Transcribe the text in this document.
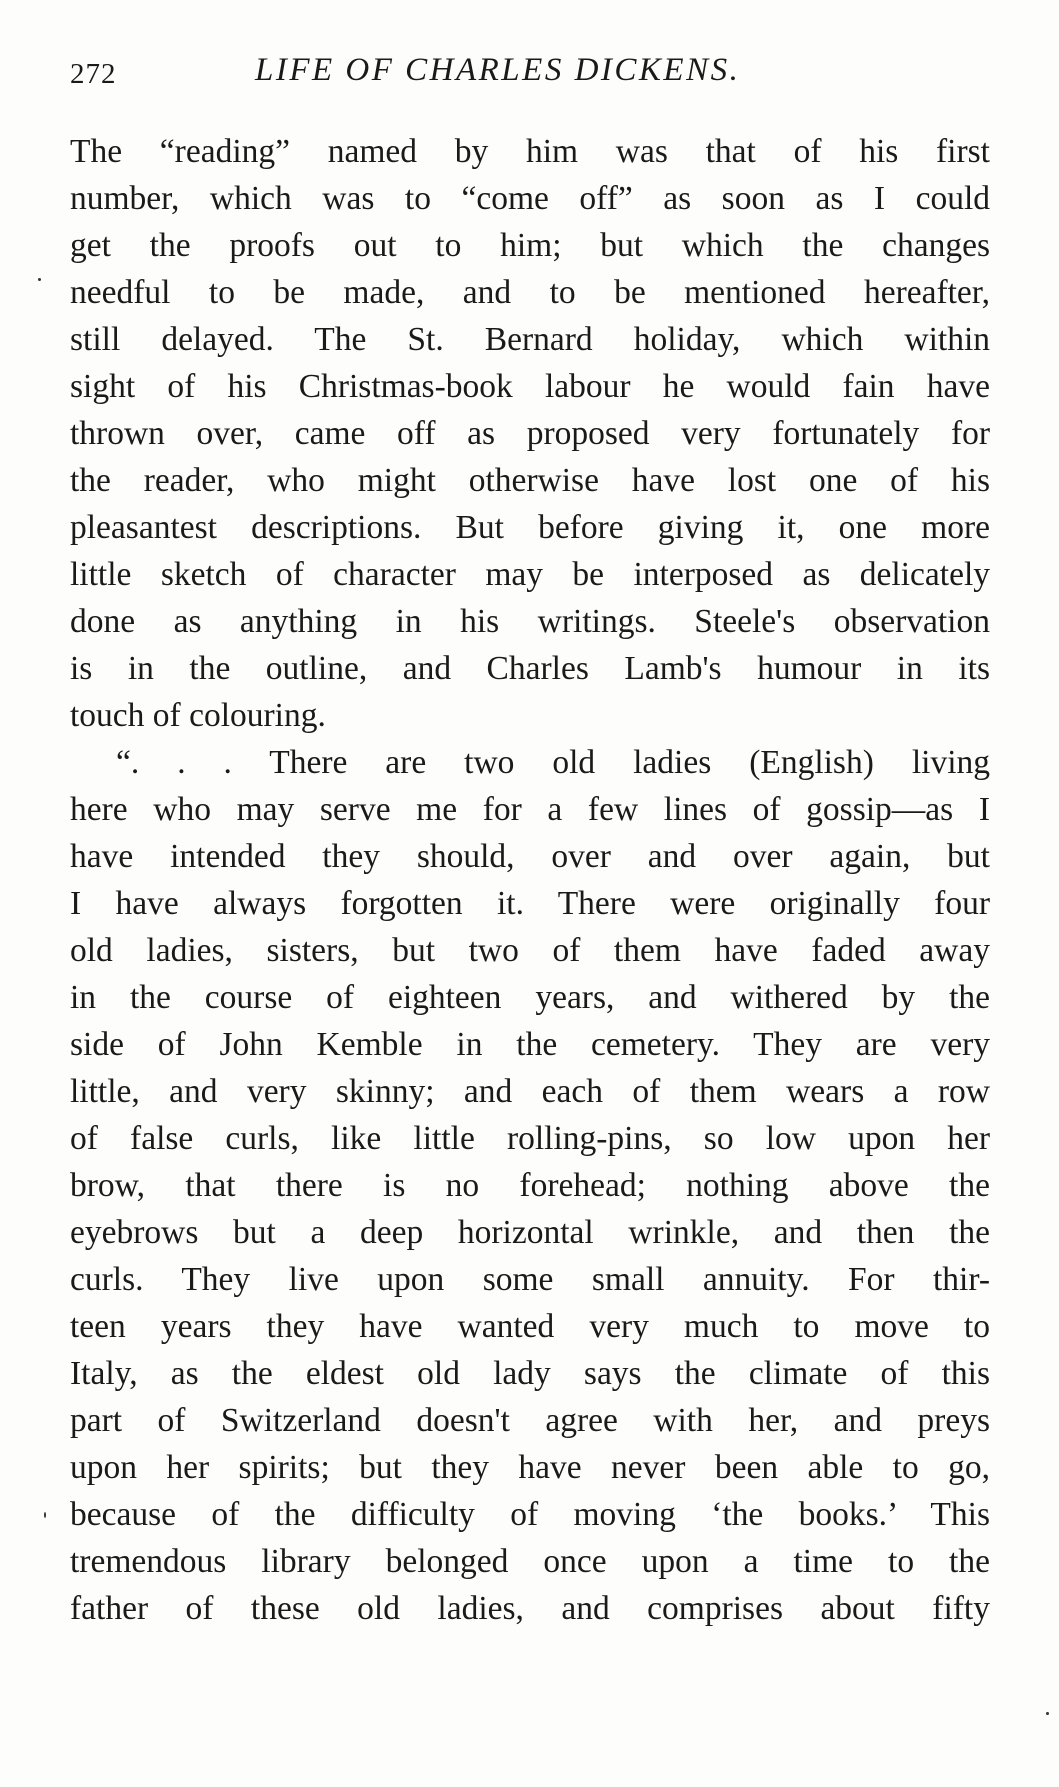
272	LIFE OF CHARLES DICKENS.
The “reading” named by him was that of his first
number, which was to “come off” as soon as I could
get the proofs out to him; but which the changes
needful to be made, and to be mentioned hereafter,
still delayed. The St. Bernard holiday, which within
sight of his Christmas-book labour he would fain have
thrown over, came off as proposed very fortunately for
the reader, who might otherwise have lost one of his
pleasantest descriptions. But before giving it, one more
little sketch of character may be interposed as delicately
done as anything in his writings. Steele's observation
is in the outline, and Charles Lamb's humour in its
touch of colouring.
“. . . There are two old ladies (English) living
here who may serve me for a few lines of gossip—as I
have intended they should, over and over again, but
I have always forgotten it. There were originally four
old ladies, sisters, but two of them have faded away
in the course of eighteen years, and withered by the
side of John Kemble in the cemetery. They are very
little, and very skinny; and each of them wears a row
of false curls, like little rolling-pins, so low upon her
brow, that there is no forehead; nothing above the
eyebrows but a deep horizontal wrinkle, and then the
curls. They live upon some small annuity. For thir-
teen years they have wanted very much to move to
Italy, as the eldest old lady says the climate of this
part of Switzerland doesn't agree with her, and preys
upon her spirits; but they have never been able to go,
because of the difficulty of moving ‘the books.’ This
tremendous library belonged once upon a time to the
father of these old ladies, and comprises about fifty
